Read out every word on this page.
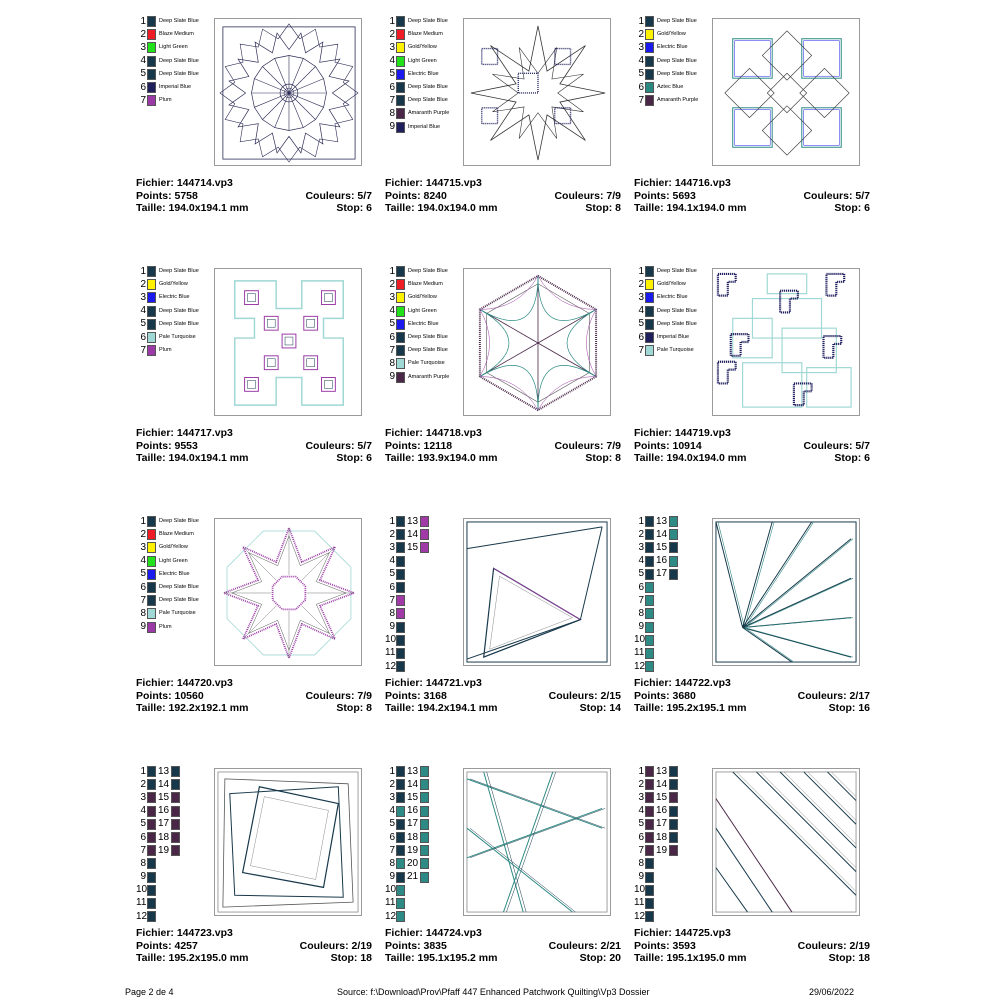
1 Deep Slate Blue
2 Blaze Medium
3 Light Green
4 Deep Slate Blue
5 Deep Slate Blue
6 Imperial Blue
7 Plum
Fichier: 144714.vp3
Points: 5758	Couleurs: 5/7
Taille: 194.0x194.1 mm	Stop: 6
1 Deep Slate Blue
2 Blaze Medium
3 Gold/Yellow
4 Light Green
5 Electric Blue
6 Deep Slate Blue
7 Deep Slate Blue
8 Amaranth Purple
9 Imperial Blue
Fichier: 144715.vp3
Points: 8240	Couleurs: 7/9
Taille: 194.0x194.0 mm	Stop: 8
1 Deep Slate Blue
2 Gold/Yellow
3 Electric Blue
4 Deep Slate Blue
5 Deep Slate Blue
6 Aztec Blue
7 Amaranth Purple
Fichier: 144716.vp3
Points: 5693	Couleurs: 5/7
Taille: 194.1x194.0 mm	Stop: 6
1 Deep Slate Blue
2 Gold/Yellow
3 Electric Blue
4 Deep Slate Blue
5 Deep Slate Blue
6 Pale Turquoise
7 Plum
Fichier: 144717.vp3
Points: 9553	Couleurs: 5/7
Taille: 194.0x194.1 mm	Stop: 6
1 Deep Slate Blue
2 Blaze Medium
3 Gold/Yellow
4 Light Green
5 Electric Blue
6 Deep Slate Blue
7 Deep Slate Blue
8 Pale Turquoise
9 Amaranth Purple
Fichier: 144718.vp3
Points: 12118	Couleurs: 7/9
Taille: 193.9x194.0 mm	Stop: 8
1 Deep Slate Blue
2 Gold/Yellow
3 Electric Blue
4 Deep Slate Blue
5 Deep Slate Blue
6 Imperial Blue
7 Pale Turquoise
Fichier: 144719.vp3
Points: 10914	Couleurs: 5/7
Taille: 194.0x194.0 mm	Stop: 6
1 Deep Slate Blue
2 Blaze Medium
3 Gold/Yellow
4 Light Green
5 Electric Blue
6 Deep Slate Blue
7 Deep Slate Blue
8 Pale Turquoise
9 Plum
Fichier: 144720.vp3
Points: 10560	Couleurs: 7/9
Taille: 192.2x192.1 mm	Stop: 8
1 13
2 14
3 15
4
5
6
7
8
9
10
11
12
Fichier: 144721.vp3
Points: 3168	Couleurs: 2/15
Taille: 194.2x194.1 mm	Stop: 14
1 13
2 14
3 15
4 16
5 17
6
7
8
9
10
11
12
Fichier: 144722.vp3
Points: 3680	Couleurs: 2/17
Taille: 195.2x195.1 mm	Stop: 16
1 13
2 14
3 15
4 16
5 17
6 18
7 19
8
9
10
11
12
Fichier: 144723.vp3
Points: 4257	Couleurs: 2/19
Taille: 195.2x195.0 mm	Stop: 18
1 13
2 14
3 15
4 16
5 17
6 18
7 19
8 20
9 21
10
11
12
Fichier: 144724.vp3
Points: 3835	Couleurs: 2/21
Taille: 195.1x195.2 mm	Stop: 20
1 13
2 14
3 15
4 16
5 17
6 18
7 19
8
9
10
11
12
Fichier: 144725.vp3
Points: 3593	Couleurs: 2/19
Taille: 195.1x195.0 mm	Stop: 18
Page 2 de 4	Source: f:\Download\Prov\Pfaff 447 Enhanced Patchwork Quilting\Vp3 Dossier	29/06/2022
